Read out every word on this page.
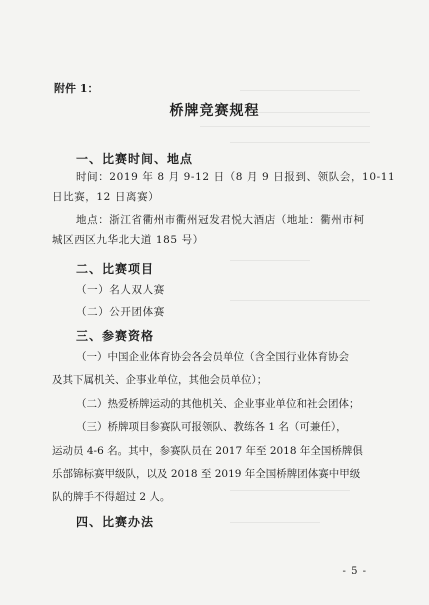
附件 1：
桥牌竞赛规程
一、比赛时间、地点
时间：2019 年 8 月 9-12 日（8 月 9 日报到、领队会，10-11
日比赛，12 日离赛）
地点：浙江省衢州市衢州冠发君悦大酒店（地址：衢州市柯
城区西区九华北大道 185 号）
二、比赛项目
（一）名人双人赛
（二）公开团体赛
三、参赛资格
（一）中国企业体育协会各会员单位（含全国行业体育协会
及其下属机关、企事业单位，其他会员单位）；
（二）热爱桥牌运动的其他机关、企业事业单位和社会团体；
（三）桥牌项目参赛队可报领队、教练各 1 名（可兼任），
运动员 4-6 名。其中，参赛队员在 2017 年至 2018 年全国桥牌俱
乐部锦标赛甲级队，以及 2018 至 2019 年全国桥牌团体赛中甲级
队的牌手不得超过 2 人。
四、比赛办法
- 5 -
